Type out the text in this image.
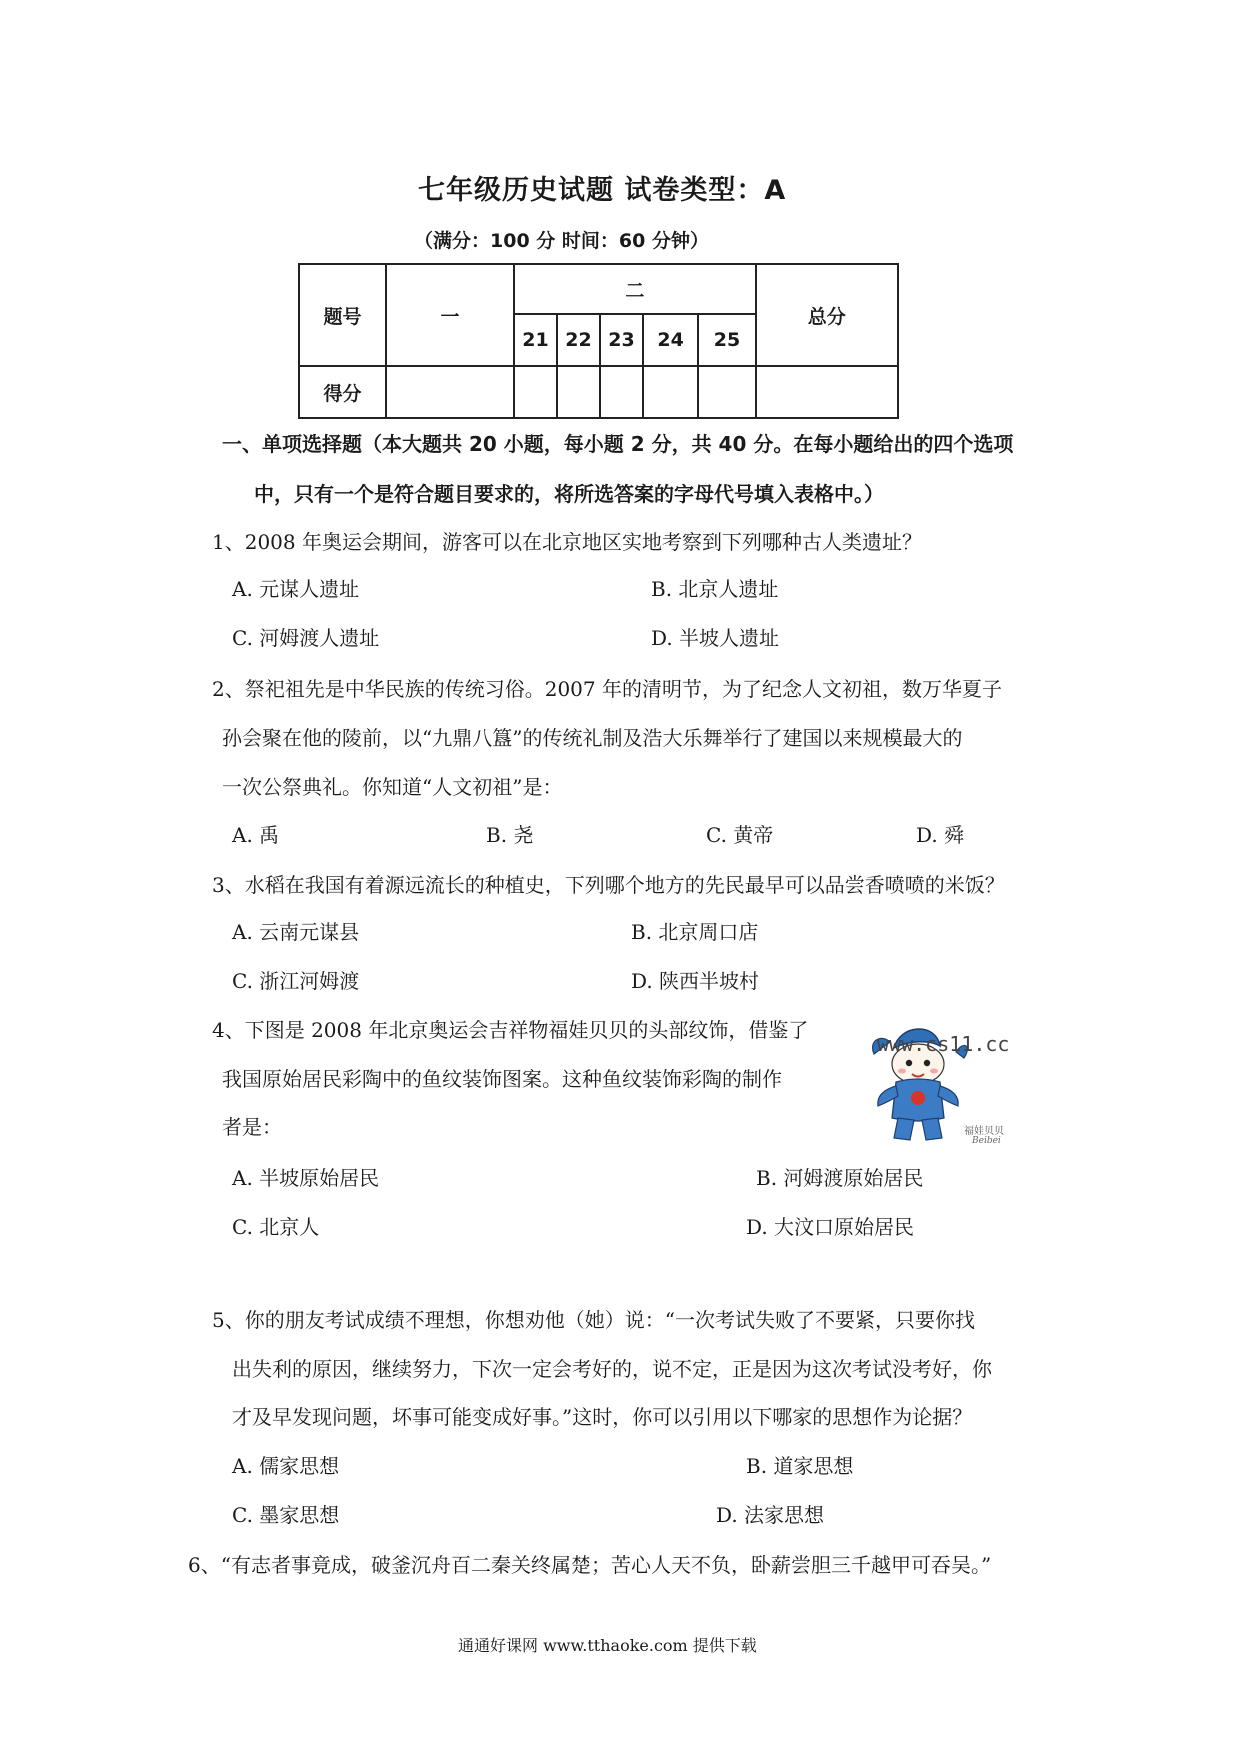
七年级历史试题 试卷类型：A
（满分：100 分 时间：60 分钟）
题号	一	二					总分
		21	22	23	24	25	
得分							
一、单项选择题（本大题共 20 小题，每小题 2 分，共 40 分。在每小题给出的四个选项
中，只有一个是符合题目要求的，将所选答案的字母代号填入表格中。）
1、2008 年奥运会期间，游客可以在北京地区实地考察到下列哪种古人类遗址？
A. 元谋人遗址	B. 北京人遗址
C. 河姆渡人遗址	D. 半坡人遗址
2、祭祀祖先是中华民族的传统习俗。2007 年的清明节，为了纪念人文初祖，数万华夏子
孙会聚在他的陵前，以“九鼎八簋”的传统礼制及浩大乐舞举行了建国以来规模最大的
一次公祭典礼。你知道“人文初祖”是：
A. 禹	B. 尧	C. 黄帝	D. 舜
3、水稻在我国有着源远流长的种植史，下列哪个地方的先民最早可以品尝香喷喷的米饭？
A. 云南元谋县	B. 北京周口店
C. 浙江河姆渡	D. 陕西半坡村
4、下图是 2008 年北京奥运会吉祥物福娃贝贝的头部纹饰，借鉴了
我国原始居民彩陶中的鱼纹装饰图案。这种鱼纹装饰彩陶的制作
者是：
A. 半坡原始居民	B. 河姆渡原始居民
C. 北京人	D. 大汶口原始居民
www.cs11.cc
福娃贝贝
Beibei
5、你的朋友考试成绩不理想，你想劝他（她）说：“一次考试失败了不要紧，只要你找
出失利的原因，继续努力，下次一定会考好的，说不定，正是因为这次考试没考好，你
才及早发现问题，坏事可能变成好事。”这时，你可以引用以下哪家的思想作为论据？
A. 儒家思想	B. 道家思想
C. 墨家思想	D. 法家思想
6、“有志者事竟成，破釜沉舟百二秦关终属楚；苦心人天不负，卧薪尝胆三千越甲可吞吴。”
通通好课网 www.tthaoke.com 提供下载
